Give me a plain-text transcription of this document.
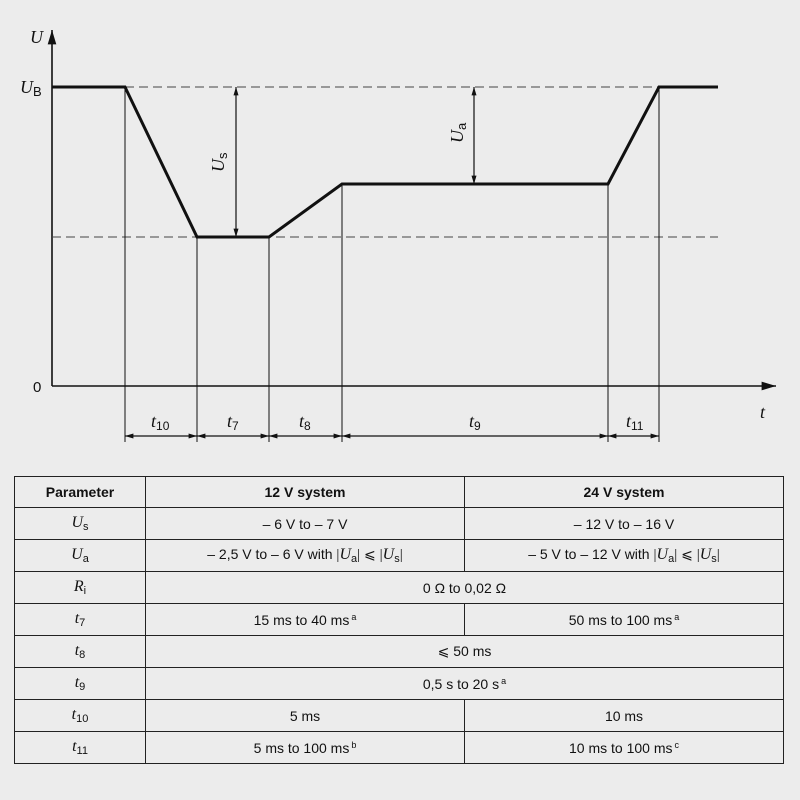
U
t
0
UB
Us
Ua
t10	t7	t8	t9	t11
Parameter	12 V system	24 V system
$U_s$	– 6 V to – 7 V	– 12 V to – 16 V
$U_a$	– 2,5 V to – 6 V with $|U_a|$ ⩽ $|U_s|$	– 5 V to – 12 V with $|U_a|$ ⩽ $|U_s|$
$R_i$	0 Ω to 0,02 Ω	
$t_7$	15 ms to 40 ms $^a$	50 ms to 100 ms $^a$
$t_8$	⩽ 50 ms	
$t_9$	0,5 s to 20 s $^a$
$t_{10}$	5 ms	10 ms
$t_{11}$	5 ms to 100 ms $^b$	10 ms to 100 ms $^c$
